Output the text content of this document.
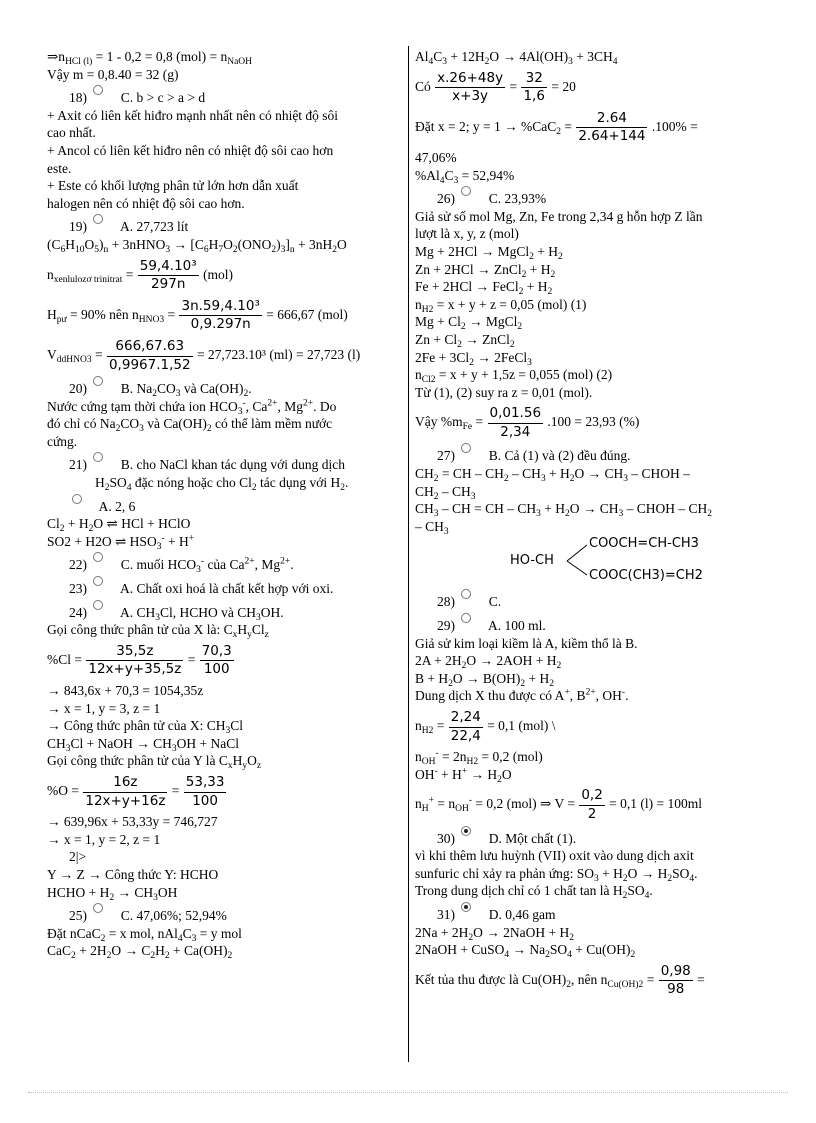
$\Rightarrow n_{HCl (l)} = 1 - 0,2 = 0,8$ $(mol) = n_{NaOH}$
Vậy m = 0,8.40 = 32 (g)
18)  C. b > c > a > d
+ Axit có liên kết hiđro mạnh nhất nên có nhiệt độ sôi
cao nhất.
+ Ancol có liên kết hiđro nên có nhiệt độ sôi cao hơn
este.
+ Este có khối lượng phân tử lớn hơn dẫn xuất
halogen nên có nhiệt độ sôi cao hơn.
19)  A. 27,723 lít
$(C_6H_{10}O_5)_n$ + 3nHNO$_3$ → $[C_6H_7O_2(ONO_2)_3]_n + 3nH_2O$
$n_{xenlulozơ trinitrat} = \frac{\text{59,4.10³}}{297n} (mol)$
$H_{pư} = 90\%$ nên $n_{HNO3} = \frac{\text{3n.59,4.10³}}{0,9.297n} = 666,67$ (mol)
$V_{ddHNO3} = \frac{666,67.63}{0,9967.1,52} = 27,723.10^3$ (ml) = 27,723 (l)
20)  B. $Na_2CO_3$ và $Ca(OH)_2$.
Nước cứng tạm thời chứa ion $HCO_3^-$, $Ca^{2+}$, $Mg^{2+}$. Do
đó chỉ có $Na_2CO_3$ và $Ca(OH)_2$ có thể làm mềm nước
cứng.
21)  B. cho NaCl khan tác dụng với dung dịch
$H_2SO_4$ đặc nóng hoặc cho $Cl_2$ tác dụng với $H_2$.
A. 2, 6
$Cl_2 + H_2O$ ⇌ HCl + HClO
SO2 + H2O ⇌ $HSO_3^- + H^+$
22)  C. muối $HCO_3^-$ của $Ca^{2+}$, $Mg^{2+}$.
23)  A. Chất oxi hoá là chất kết hợp với oxi.
24)  A. $CH_3Cl$, HCHO và $CH_3OH$.
Gọi công thức phân tử của X là: $C_xH_yCl_z$
$\%Cl = \frac{35,5z}{12x+y+35,5z} = \frac{70,3}{100}$
→ 843,6x + 70,3 = 1054,35z
→ x = 1, y = 3, z = 1
→ Công thức phân tử của X: $CH_3Cl$
$CH_3Cl$ + NaOH → $CH_3OH$ + NaCl
Gọi công thức phân tử của Y là $C_xH_yO_z$
$\%O = \frac{16z}{12x+y+16z} = \frac{53,33}{100}$
→ 639,96x + 53,33y = 746,727
→ x = 1, y = 2, z = 1
2|>
Y → Z → Công thức Y: HCHO
HCHO + $H_2 \to CH_3OH$
25)  C. 47,06%; 52,94%
Đặt nCaC$_2$ = x mol, $nAl_4C_3 = y$ mol
$CaC_2 + 2H_2O \to C_2H_2 + Ca(OH)_2$
$Al_4C_3 + 12H_2O \to 4Al(OH)_3 + 3CH_4$
Có $\frac{x.26+48y}{x+3y} = \frac{32}{1,6} = 20$
Đặt x = 2; $y = 1 \to \%CaC_2 = \frac{2.64}{2.64+144} .100\%$ =
47,06%
$\%Al_4C_3 = 52,94\%$
26)  C. 23,93%
Giả sử số mol Mg, Zn, Fe trong 2,34 g hỗn hợp Z lần
lượt là x, y, z (mol)
Mg + 2HCl → MgCl$_2$ + $H_2$
Zn + 2HCl → ZnCl$_2$ + $H_2$
Fe + 2HCl → FeCl$_2$ + $H_2$
$n_{H2} = x + y + z = 0,05$ (mol) (1)
$Mg + Cl_2$ → MgCl$_2$
$Zn + Cl_2$ → ZnCl$_2$
$2Fe + 3Cl_2$ → 2FeCl$_3$
$n_{Cl2} = x + y + 1,5z = 0,055$ (mol) (2)
Từ (1), (2) suy ra z = 0,01 (mol).
Vậy $\%m_{Fe} = \frac{0,01.56}{2,34} .100 = 23,93$ (%)
27)  B. Cả (1) và (2) đều đúng.
$CH_2$ = CH – $CH_2 - CH_3 + H_2O \to CH_3$ – CHOH –
$CH_2 - CH_3$
$CH_3$ – CH = CH – $CH_3 + H_2O \to CH_3$ – CHOH – $CH_2$
– $CH_3$
HO-CH
COOCH=CH-CH3
COOC(CH3)=CH2
28)  C.
29)  A. 100 ml.
Giả sử kim loại kiềm là A, kiềm thổ là B.
$2A + 2H_2O \to 2AOH + H_2$
$B + H_2O \to B(OH)_2 + H_2$
Dung dịch X thu được có A+, $B^{2+}$, OH-.
$n_{H2} = \frac{2,24}{22,4} = 0,1$ (mol) \
$n_{OH}^- = 2n_{H2} = 0,2$ (mol)
$OH^- + H^+ \to H_2O$
$n_H^+ = n_{OH}^- = 0,2$ (mol) ⇒ $V = \frac{0,2}{2} = 0,1$ (l) = 100ml
30)  D. Một chất (1).
vì khi thêm lưu huỳnh (VII) oxit vào dung dịch axit
sunfuric chỉ xảy ra phản ứng: $SO_3 + H_2O \to H_2SO_4$.
Trong dung dịch chỉ có 1 chất tan là $H_2SO_4$.
31)  D. 0,46 gam
$2Na + 2H_2O$ → 2NaOH + $H_2$
2NaOH + CuSO$_4$ → $Na_2SO_4 + Cu(OH)_2$
Kết tủa thu được là $Cu(OH)_2$, nên $n_{Cu(OH)2} = \frac{0,98}{98}$ =
